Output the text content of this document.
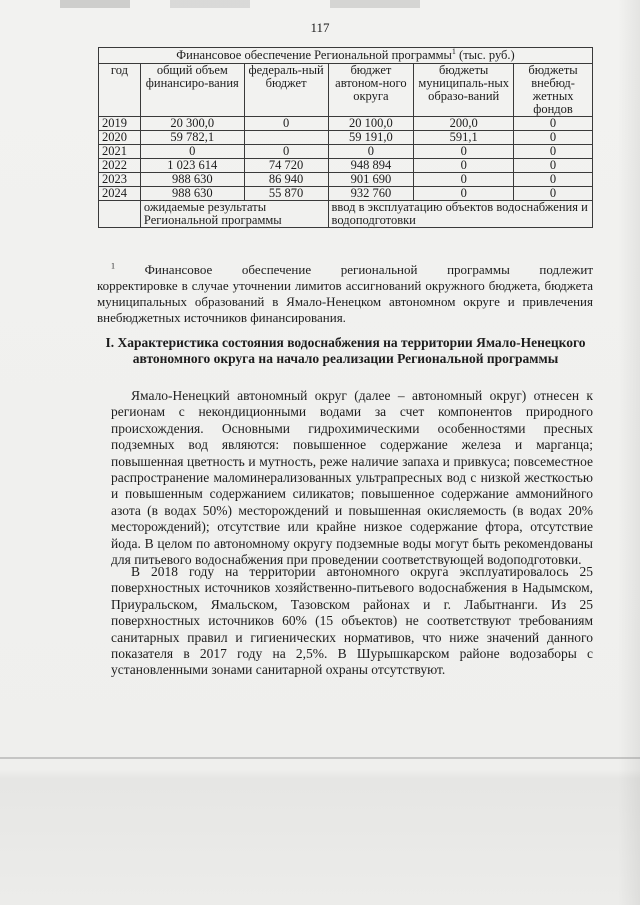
117
Финансовое обеспечение Региональной программы$^1$ (тыс. руб.)					
год	общий объем финансиро-вания	федераль-ный бюджет	бюджет автоном-ного округа	бюджеты муниципаль-ных образо-ваний	бюджеты внебюд-жетных фондов
2019	20 300,0	0	20 100,0	200,0	0
2020	59 782,1		59 191,0	591,1	0
2021	0	0	0	0	0
2022	1 023 614	74 720	948 894	0	0
2023	988 630	86 940	901 690	0	0
2024	988 630	55 870	932 760	0	0
	ожидаемые результаты Региональной программы		ввод в эксплуатацию объектов водоснабжения и водоподготовки		
$^1$ Финансовое обеспечение региональной программы подлежит
корректировке в случае уточнении лимитов ассигнований окружного бюджета, бюджета муниципальных образований в Ямало-Ненецком автономном округе и привлечения внебюджетных источников финансирования.
I. Характеристика состояния водоснабжения на территории Ямало-Ненецкого автономного округа на начало реализации Региональной программы
Ямало-Ненецкий автономный округ (далее – автономный округ) отнесен к регионам с некондиционными водами за счет компонентов природного происхождения. Основными гидрохимическими особенностями пресных подземных вод являются: повышенное содержание железа и марганца; повышенная цветность и мутность, реже наличие запаха и привкуса; повсеместное распространение маломинерализованных ультрапресных вод с низкой жесткостью и повышенным содержанием силикатов; повышенное содержание аммонийного азота (в водах 50%) месторождений и повышенная окисляемость (в водах 20% месторождений); отсутствие или крайне низкое содержание фтора, отсутствие йода. В целом по автономному округу подземные воды могут быть рекомендованы для питьевого водоснабжения при проведении соответствующей водоподготовки.
В 2018 году на территории автономного округа эксплуатировалось 25 поверхностных источников хозяйственно-питьевого водоснабжения в Надымском, Приуральском, Ямальском, Тазовском районах и г. Лабытнанги. Из 25 поверхностных источников 60% (15 объектов) не соответствуют требованиям санитарных правил и гигиенических нормативов, что ниже значений данного показателя в 2017 году на 2,5%. В Шурышкарском районе водозаборы с установленными зонами санитарной охраны отсутствуют.
